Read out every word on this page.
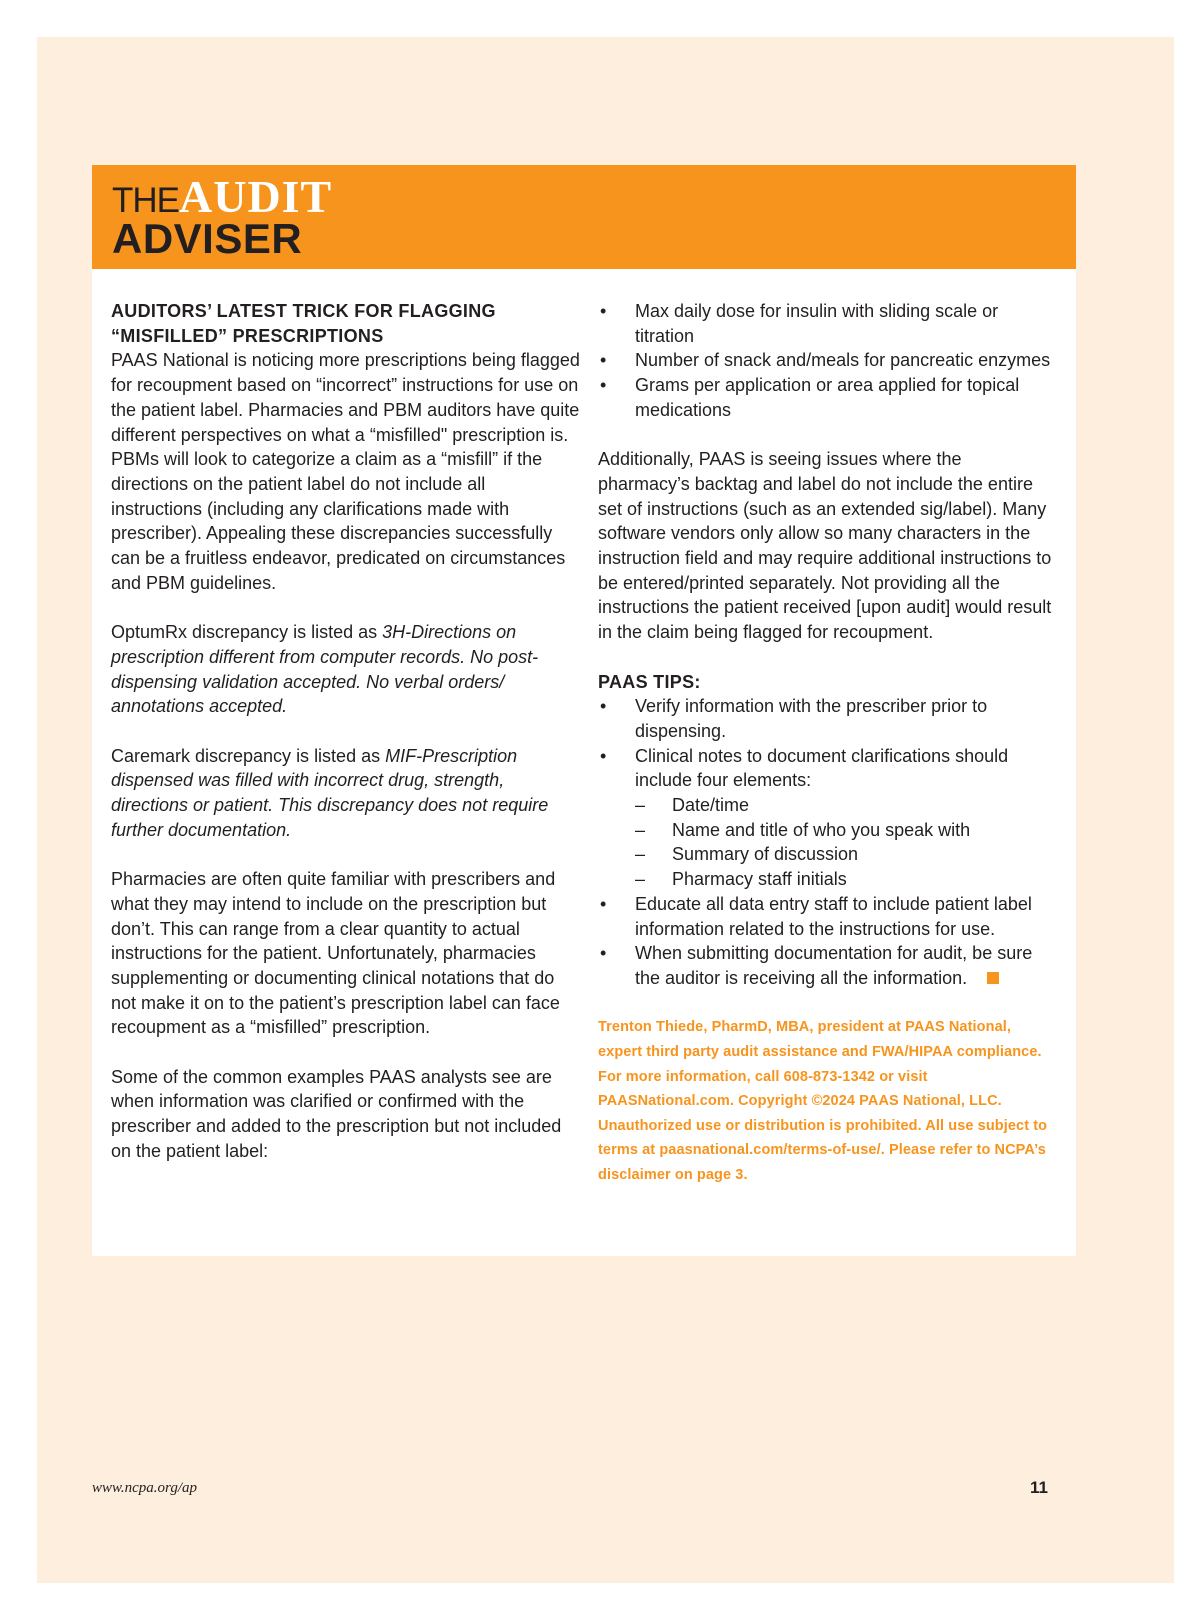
THEAUDIT
ADVISER

AUDITORS’ LATEST TRICK FOR FLAGGING

“MISFILLED” PRESCRIPTIONS

PAAS National is noticing more prescriptions being flagged for recoupment based on “incorrect” instructions for use on the patient label. Pharmacies and PBM auditors have quite different perspectives on what a “misfilled" prescription is. PBMs will look to categorize a claim as a “misfill” if the directions on the patient label do not include all instructions (including any clarifications made with prescriber). Appealing these discrepancies successfully can be a fruitless endeavor, predicated on circumstances and PBM guidelines.

OptumRx discrepancy is listed as 3H-Directions on prescription different from computer records. No post-dispensing validation accepted. No verbal orders/ annotations accepted.

Caremark discrepancy is listed as MIF-Prescription dispensed was filled with incorrect drug, strength, directions or patient. This discrepancy does not require further documentation.

Pharmacies are often quite familiar with prescribers and what they may intend to include on the prescription but don’t. This can range from a clear quantity to actual instructions for the patient. Unfortunately, pharmacies supplementing or documenting clinical notations that do not make it on to the patient’s prescription label can face recoupment as a “misfilled” prescription.

Some of the common examples PAAS analysts see are when information was clarified or confirmed with the prescriber and added to the prescription but not included on the patient label:

•	Max daily dose for insulin with sliding scale or titration
•	Number of snack and/meals for pancreatic enzymes
•	Grams per application or area applied for topical medications

Additionally, PAAS is seeing issues where the pharmacy’s backtag and label do not include the entire set of instructions (such as an extended sig/label). Many software vendors only allow so many characters in the instruction field and may require additional instructions to be entered/printed separately. Not providing all the instructions the patient received [upon audit] would result in the claim being flagged for recoupment.

PAAS TIPS:

•	Verify information with the prescriber prior to dispensing.
•	Clinical notes to document clarifications should include four elements:
– Date/time
– Name and title of who you speak with
– Summary of discussion
– Pharmacy staff initials
•	Educate all data entry staff to include patient label information related to the instructions for use.
•	When submitting documentation for audit, be sure the auditor is receiving all the information.

Trenton Thiede, PharmD, MBA, president at PAAS National, expert third party audit assistance and FWA/HIPAA compliance. For more information, call 608-873-1342 or visit PAASNational.com. Copyright ©2024 PAAS National, LLC. Unauthorized use or distribution is prohibited. All use subject to terms at paasnational.com/terms-of-use/. Please refer to NCPA’s disclaimer on page 3.

www.ncpa.org/ap	11
